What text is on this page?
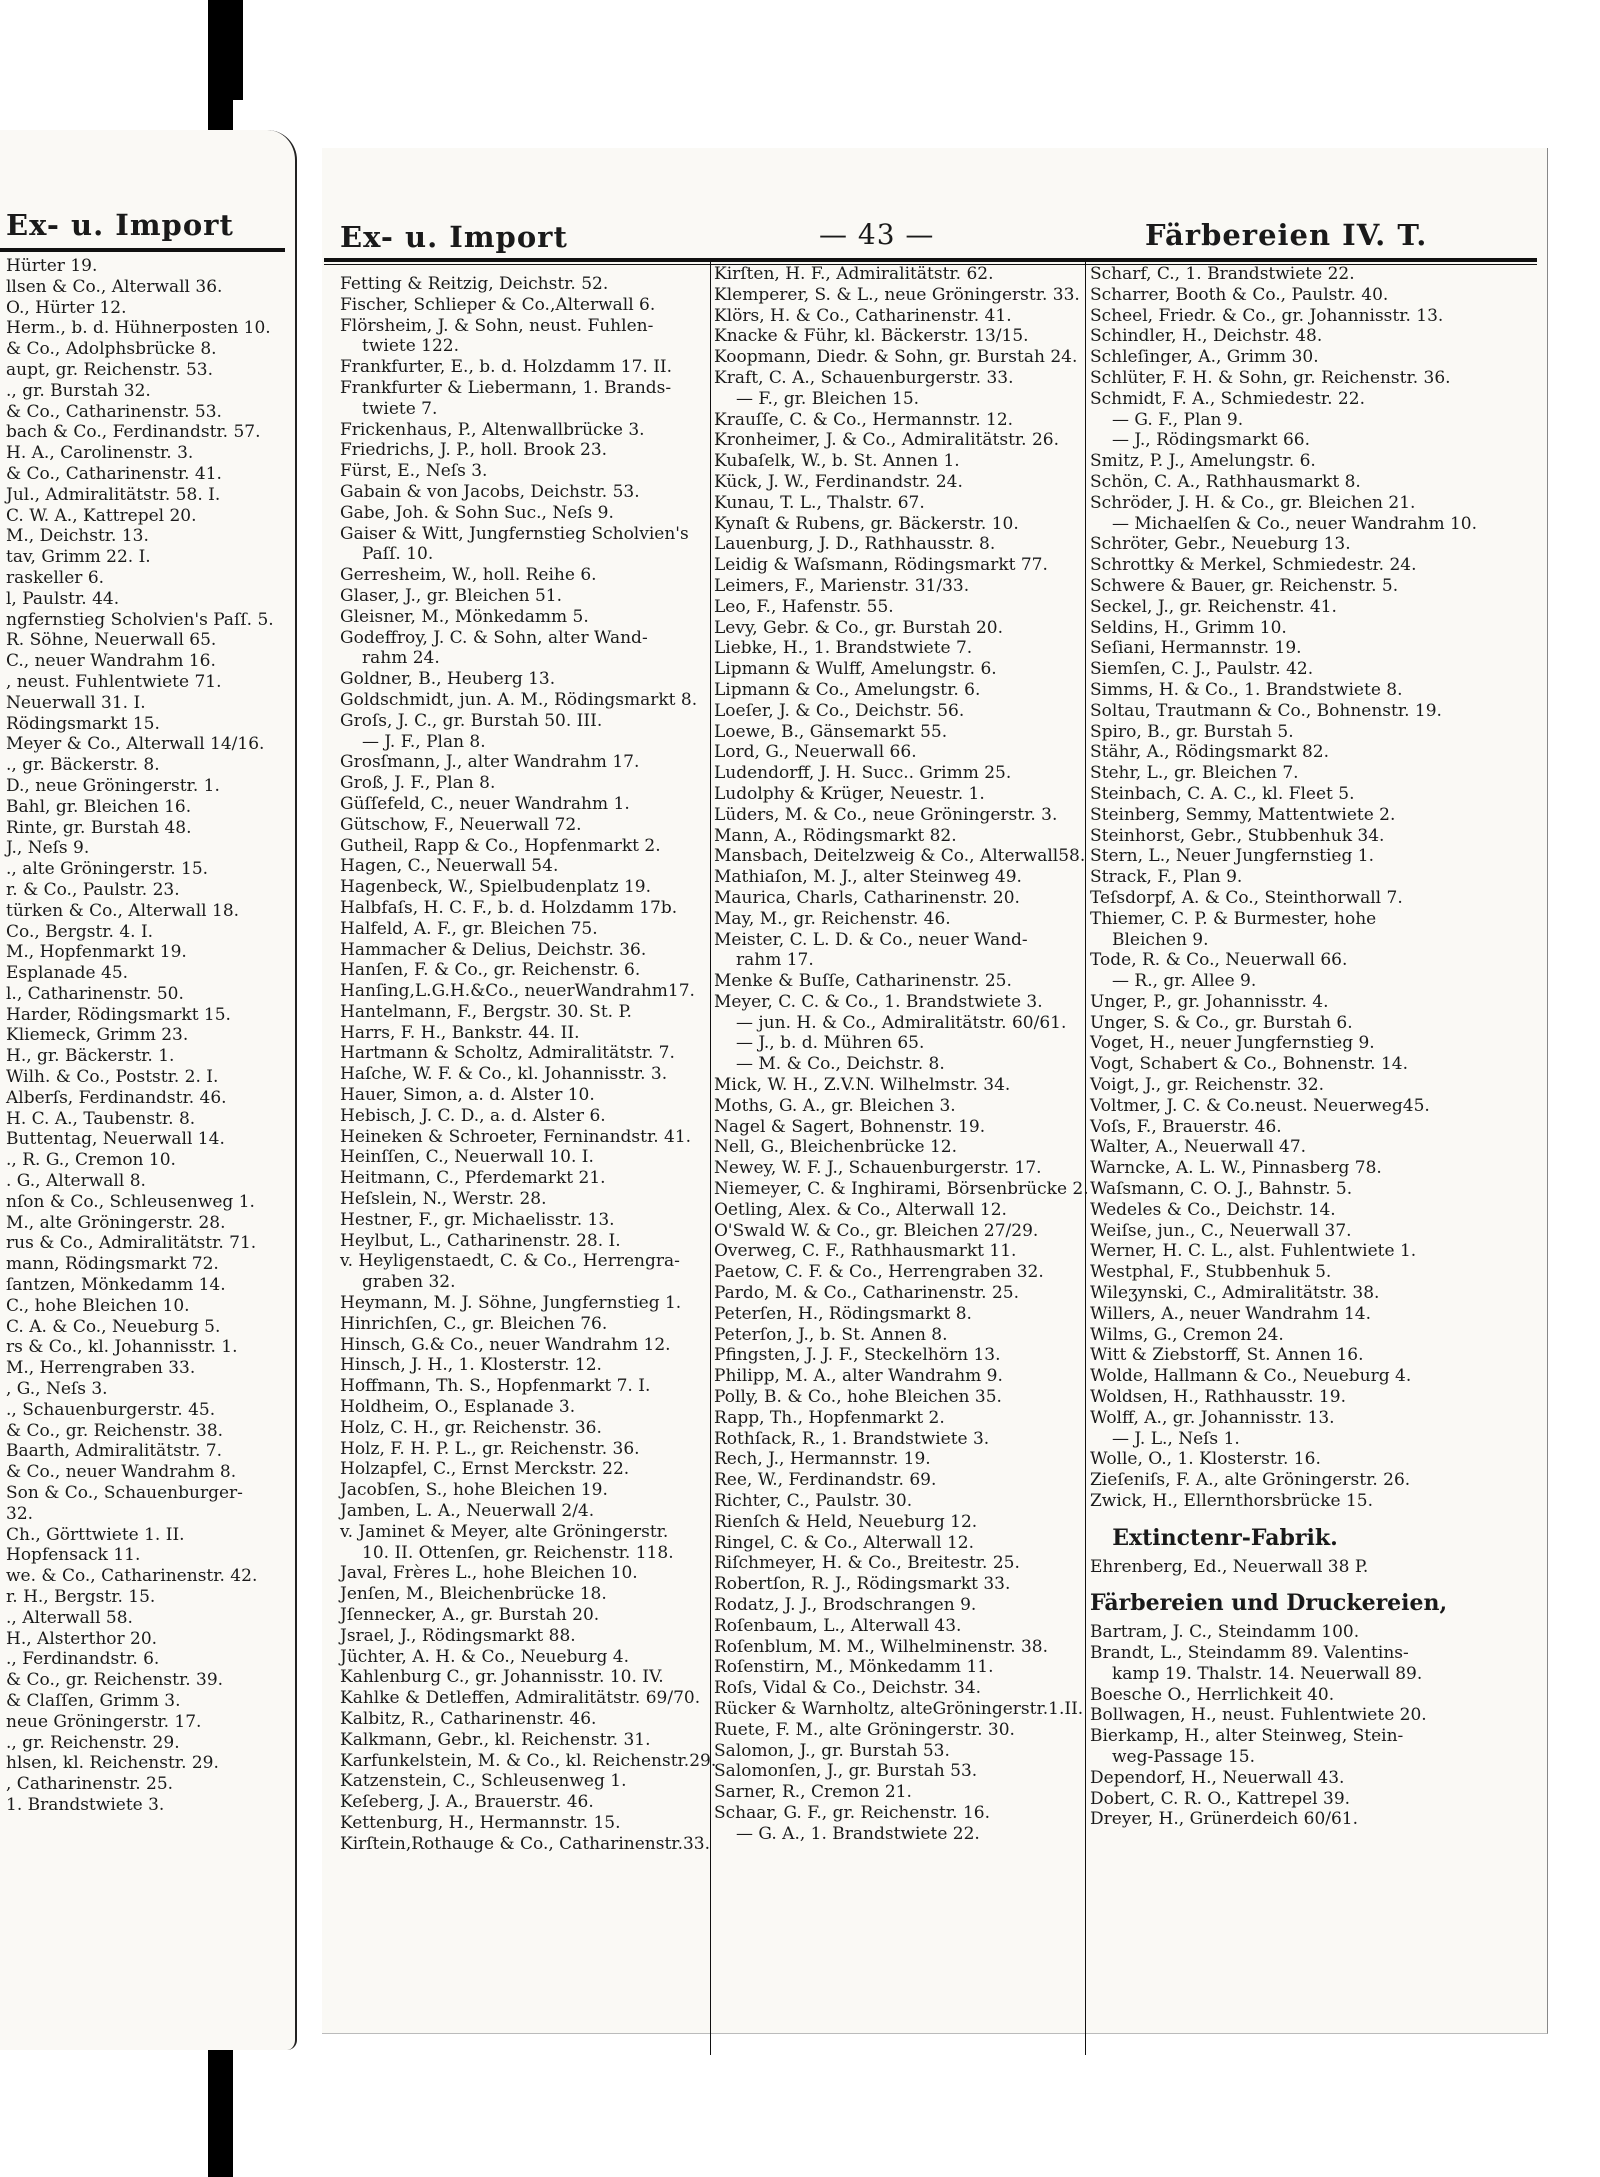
Ex- u. Import
Hürter 19.
llsen & Co., Alterwall 36.
O., Hürter 12.
Herm., b. d. Hühnerposten 10.
& Co., Adolphsbrücke 8.
aupt, gr. Reichenstr. 53.
., gr. Burstah 32.
& Co., Catharinenstr. 53.
bach & Co., Ferdinandstr. 57.
H. A., Carolinenstr. 3.
& Co., Catharinenstr. 41.
Jul., Admiralitätstr. 58. I.
C. W. A., Kattrepel 20.
M., Deichstr. 13.
tav, Grimm 22. I.
raskeller 6.
l, Paulstr. 44.
ngfernstieg Scholvien's Paſſ. 5.
R. Söhne, Neuerwall 65.
C., neuer Wandrahm 16.
, neust. Fuhlentwiete 71.
Neuerwall 31. I.
Rödingsmarkt 15.
Meyer & Co., Alterwall 14/16.
., gr. Bäckerstr. 8.
D., neue Gröningerstr. 1.
Bahl, gr. Bleichen 16.
Rinte, gr. Burstah 48.
J., Neſs 9.
., alte Gröningerstr. 15.
r. & Co., Paulstr. 23.
türken & Co., Alterwall 18.
Co., Bergstr. 4. I.
M., Hopfenmarkt 19.
Esplanade 45.
l., Catharinenstr. 50.
Harder, Rödingsmarkt 15.
Kliemeck, Grimm 23.
H., gr. Bäckerstr. 1.
Wilh. & Co., Poststr. 2. I.
Alberſs, Ferdinandstr. 46.
H. C. A., Taubenstr. 8.
Buttentag, Neuerwall 14.
., R. G., Cremon 10.
. G., Alterwall 8.
nſon & Co., Schleusenweg 1.
M., alte Gröningerstr. 28.
rus & Co., Admiralitätstr. 71.
mann, Rödingsmarkt 72.
ſantzen, Mönkedamm 14.
C., hohe Bleichen 10.
C. A. & Co., Neueburg 5.
rs & Co., kl. Johannisstr. 1.
M., Herrengraben 33.
, G., Neſs 3.
., Schauenburgerstr. 45.
& Co., gr. Reichenstr. 38.
Baarth, Admiralitätstr. 7.
& Co., neuer Wandrahm 8.
Son & Co., Schauenburger-
32.
Ch., Görttwiete 1. II.
Hopfensack 11.
we. & Co., Catharinenstr. 42.
r. H., Bergstr. 15.
., Alterwall 58.
H., Alsterthor 20.
., Ferdinandstr. 6.
& Co., gr. Reichenstr. 39.
& Claſſen, Grimm 3.
neue Gröningerstr. 17.
., gr. Reichenstr. 29.
hlsen, kl. Reichenstr. 29.
, Catharinenstr. 25.
1. Brandstwiete 3.
Ex- u. Import	— 43 —	Färbereien IV. T.
Fetting & Reitzig, Deichstr. 52.
Fischer, Schlieper & Co.,Alterwall 6.
Flörsheim, J. & Sohn, neust. Fuhlen-
twiete 122.
Frankfurter, E., b. d. Holzdamm 17. II.
Frankfurter & Liebermann, 1. Brands-
twiete 7.
Frickenhaus, P., Altenwallbrücke 3.
Friedrichs, J. P., holl. Brook 23.
Fürst, E., Neſs 3.
Gabain & von Jacobs, Deichstr. 53.
Gabe, Joh. & Sohn Suc., Neſs 9.
Gaiser & Witt, Jungfernstieg Scholvien's
Paſſ. 10.
Gerresheim, W., holl. Reihe 6.
Glaser, J., gr. Bleichen 51.
Gleisner, M., Mönkedamm 5.
Godeffroy, J. C. & Sohn, alter Wand-
rahm 24.
Goldner, B., Heuberg 13.
Goldschmidt, jun. A. M., Rödingsmarkt 8.
Groſs, J. C., gr. Burstah 50. III.
— J. F., Plan 8.
Grosſmann, J., alter Wandrahm 17.
Groß, J. F., Plan 8.
Güſſefeld, C., neuer Wandrahm 1.
Gütschow, F., Neuerwall 72.
Gutheil, Rapp & Co., Hopfenmarkt 2.
Hagen, C., Neuerwall 54.
Hagenbeck, W., Spielbudenplatz 19.
Halbfaſs, H. C. F., b. d. Holzdamm 17b.
Halfeld, A. F., gr. Bleichen 75.
Hammacher & Delius, Deichstr. 36.
Hanſen, F. & Co., gr. Reichenstr. 6.
Hanſing,L.G.H.&Co., neuerWandrahm17.
Hantelmann, F., Bergstr. 30. St. P.
Harrs, F. H., Bankstr. 44. II.
Hartmann & Scholtz, Admiralitätstr. 7.
Haſche, W. F. & Co., kl. Johannisstr. 3.
Hauer, Simon, a. d. Alster 10.
Hebisch, J. C. D., a. d. Alster 6.
Heineken & Schroeter, Ferninandstr. 41.
Heinſſen, C., Neuerwall 10. I.
Heitmann, C., Pferdemarkt 21.
Heſslein, N., Werstr. 28.
Hestner, F., gr. Michaelisstr. 13.
Heylbut, L., Catharinenstr. 28. I.
v. Heyligenstaedt, C. & Co., Herrengra-
graben 32.
Heymann, M. J. Söhne, Jungfernstieg 1.
Hinrichſen, C., gr. Bleichen 76.
Hinsch, G.& Co., neuer Wandrahm 12.
Hinsch, J. H., 1. Klosterstr. 12.
Hoffmann, Th. S., Hopfenmarkt 7. I.
Holdheim, O., Esplanade 3.
Holz, C. H., gr. Reichenstr. 36.
Holz, F. H. P. L., gr. Reichenstr. 36.
Holzapfel, C., Ernst Merckstr. 22.
Jacobſen, S., hohe Bleichen 19.
Jamben, L. A., Neuerwall 2/4.
v. Jaminet & Meyer, alte Gröningerstr.
10. II. Ottenſen, gr. Reichenstr. 118.
Javal, Frères L., hohe Bleichen 10.
Jenſen, M., Bleichenbrücke 18.
Jſennecker, A., gr. Burstah 20.
Jsrael, J., Rödingsmarkt 88.
Jüchter, A. H. & Co., Neueburg 4.
Kahlenburg C., gr. Johannisstr. 10. IV.
Kahlke & Detleffen, Admiralitätstr. 69/70.
Kalbitz, R., Catharinenstr. 46.
Kalkmann, Gebr., kl. Reichenstr. 31.
Karfunkelstein, M. & Co., kl. Reichenstr.29.
Katzenstein, C., Schleusenweg 1.
Keſeberg, J. A., Brauerstr. 46.
Kettenburg, H., Hermannstr. 15.
Kirſtein,Rothauge & Co., Catharinenstr.33.
Kirſten, H. F., Admiralitätstr. 62.
Klemperer, S. & L., neue Gröningerstr. 33.
Klörs, H. & Co., Catharinenstr. 41.
Knacke & Führ, kl. Bäckerstr. 13/15.
Koopmann, Diedr. & Sohn, gr. Burstah 24.
Kraft, C. A., Schauenburgerstr. 33.
— F., gr. Bleichen 15.
Krauſſe, C. & Co., Hermannstr. 12.
Kronheimer, J. & Co., Admiralitätstr. 26.
Kubaſelk, W., b. St. Annen 1.
Kück, J. W., Ferdinandstr. 24.
Kunau, T. L., Thalstr. 67.
Kynaſt & Rubens, gr. Bäckerstr. 10.
Lauenburg, J. D., Rathhausstr. 8.
Leidig & Waſsmann, Rödingsmarkt 77.
Leimers, F., Marienstr. 31/33.
Leo, F., Hafenstr. 55.
Levy, Gebr. & Co., gr. Burstah 20.
Liebke, H., 1. Brandstwiete 7.
Lipmann & Wulff, Amelungstr. 6.
Lipmann & Co., Amelungstr. 6.
Loeſer, J. & Co., Deichstr. 56.
Loewe, B., Gänsemarkt 55.
Lord, G., Neuerwall 66.
Ludendorff, J. H. Succ.. Grimm 25.
Ludolphy & Krüger, Neuestr. 1.
Lüders, M. & Co., neue Gröningerstr. 3.
Mann, A., Rödingsmarkt 82.
Mansbach, Deitelzweig & Co., Alterwall58.
Mathiaſon, M. J., alter Steinweg 49.
Maurica, Charls, Catharinenstr. 20.
May, M., gr. Reichenstr. 46.
Meister, C. L. D. & Co., neuer Wand-
rahm 17.
Menke & Buſſe, Catharinenstr. 25.
Meyer, C. C. & Co., 1. Brandstwiete 3.
— jun. H. & Co., Admiralitätstr. 60/61.
— J., b. d. Mühren 65.
— M. & Co., Deichstr. 8.
Mick, W. H., Z.V.N. Wilhelmstr. 34.
Moths, G. A., gr. Bleichen 3.
Nagel & Sagert, Bohnenstr. 19.
Nell, G., Bleichenbrücke 12.
Newey, W. F. J., Schauenburgerstr. 17.
Niemeyer, C. & Inghirami, Börsenbrücke 2.
Oetling, Alex. & Co., Alterwall 12.
O'Swald W. & Co., gr. Bleichen 27/29.
Overweg, C. F., Rathhausmarkt 11.
Paetow, C. F. & Co., Herrengraben 32.
Pardo, M. & Co., Catharinenstr. 25.
Peterſen, H., Rödingsmarkt 8.
Peterſon, J., b. St. Annen 8.
Pfingsten, J. J. F., Steckelhörn 13.
Philipp, M. A., alter Wandrahm 9.
Polly, B. & Co., hohe Bleichen 35.
Rapp, Th., Hopfenmarkt 2.
Rothſack, R., 1. Brandstwiete 3.
Rech, J., Hermannstr. 19.
Ree, W., Ferdinandstr. 69.
Richter, C., Paulstr. 30.
Rienſch & Held, Neueburg 12.
Ringel, C. & Co., Alterwall 12.
Riſchmeyer, H. & Co., Breitestr. 25.
Robertſon, R. J., Rödingsmarkt 33.
Rodatz, J. J., Brodschrangen 9.
Roſenbaum, L., Alterwall 43.
Roſenblum, M. M., Wilhelminenstr. 38.
Roſenstirn, M., Mönkedamm 11.
Roſs, Vidal & Co., Deichstr. 34.
Rücker & Warnholtz, alteGröningerstr.1.II.
Ruete, F. M., alte Gröningerstr. 30.
Salomon, J., gr. Burstah 53.
Salomonſen, J., gr. Burstah 53.
Sarner, R., Cremon 21.
Schaar, G. F., gr. Reichenstr. 16.
— G. A., 1. Brandstwiete 22.
Scharf, C., 1. Brandstwiete 22.
Scharrer, Booth & Co., Paulstr. 40.
Scheel, Friedr. & Co., gr. Johannisstr. 13.
Schindler, H., Deichstr. 48.
Schleſinger, A., Grimm 30.
Schlüter, F. H. & Sohn, gr. Reichenstr. 36.
Schmidt, F. A., Schmiedestr. 22.
— G. F., Plan 9.
— J., Rödingsmarkt 66.
Smitz, P. J., Amelungstr. 6.
Schön, C. A., Rathhausmarkt 8.
Schröder, J. H. & Co., gr. Bleichen 21.
— Michaelſen & Co., neuer Wandrahm 10.
Schröter, Gebr., Neueburg 13.
Schrottky & Merkel, Schmiedestr. 24.
Schwere & Bauer, gr. Reichenstr. 5.
Seckel, J., gr. Reichenstr. 41.
Seldins, H., Grimm 10.
Seſiani, Hermannstr. 19.
Siemſen, C. J., Paulstr. 42.
Simms, H. & Co., 1. Brandstwiete 8.
Soltau, Trautmann & Co., Bohnenstr. 19.
Spiro, B., gr. Burstah 5.
Stähr, A., Rödingsmarkt 82.
Stehr, L., gr. Bleichen 7.
Steinbach, C. A. C., kl. Fleet 5.
Steinberg, Semmy, Mattentwiete 2.
Steinhorst, Gebr., Stubbenhuk 34.
Stern, L., Neuer Jungfernstieg 1.
Strack, F., Plan 9.
Teſsdorpf, A. & Co., Steinthorwall 7.
Thiemer, C. P. & Burmester, hohe
Bleichen 9.
Tode, R. & Co., Neuerwall 66.
— R., gr. Allee 9.
Unger, P., gr. Johannisstr. 4.
Unger, S. & Co., gr. Burstah 6.
Voget, H., neuer Jungfernstieg 9.
Vogt, Schabert & Co., Bohnenstr. 14.
Voigt, J., gr. Reichenstr. 32.
Voltmer, J. C. & Co.neust. Neuerweg45.
Voſs, F., Brauerstr. 46.
Walter, A., Neuerwall 47.
Warncke, A. L. W., Pinnasberg 78.
Waſsmann, C. O. J., Bahnstr. 5.
Wedeles & Co., Deichstr. 14.
Weiſse, jun., C., Neuerwall 37.
Werner, H. C. L., alst. Fuhlentwiete 1.
Westphal, F., Stubbenhuk 5.
Wileʒynski, C., Admiralitätstr. 38.
Willers, A., neuer Wandrahm 14.
Wilms, G., Cremon 24.
Witt & Ziebstorff, St. Annen 16.
Wolde, Hallmann & Co., Neueburg 4.
Woldsen, H., Rathhausstr. 19.
Wolff, A., gr. Johannisstr. 13.
— J. L., Neſs 1.
Wolle, O., 1. Klosterstr. 16.
Zieſeniſs, F. A., alte Gröningerstr. 26.
Zwick, H., Ellernthorsbrücke 15.
Extinctenr-Fabrik.
Ehrenberg, Ed., Neuerwall 38 P.
Färbereien und Druckereien,
Bartram, J. C., Steindamm 100.
Brandt, L., Steindamm 89. Valentins-
kamp 19. Thalstr. 14. Neuerwall 89.
Boesche O., Herrlichkeit 40.
Bollwagen, H., neust. Fuhlentwiete 20.
Bierkamp, H., alter Steinweg, Stein-
weg-Passage 15.
Dependorf, H., Neuerwall 43.
Dobert, C. R. O., Kattrepel 39.
Dreyer, H., Grünerdeich 60/61.
